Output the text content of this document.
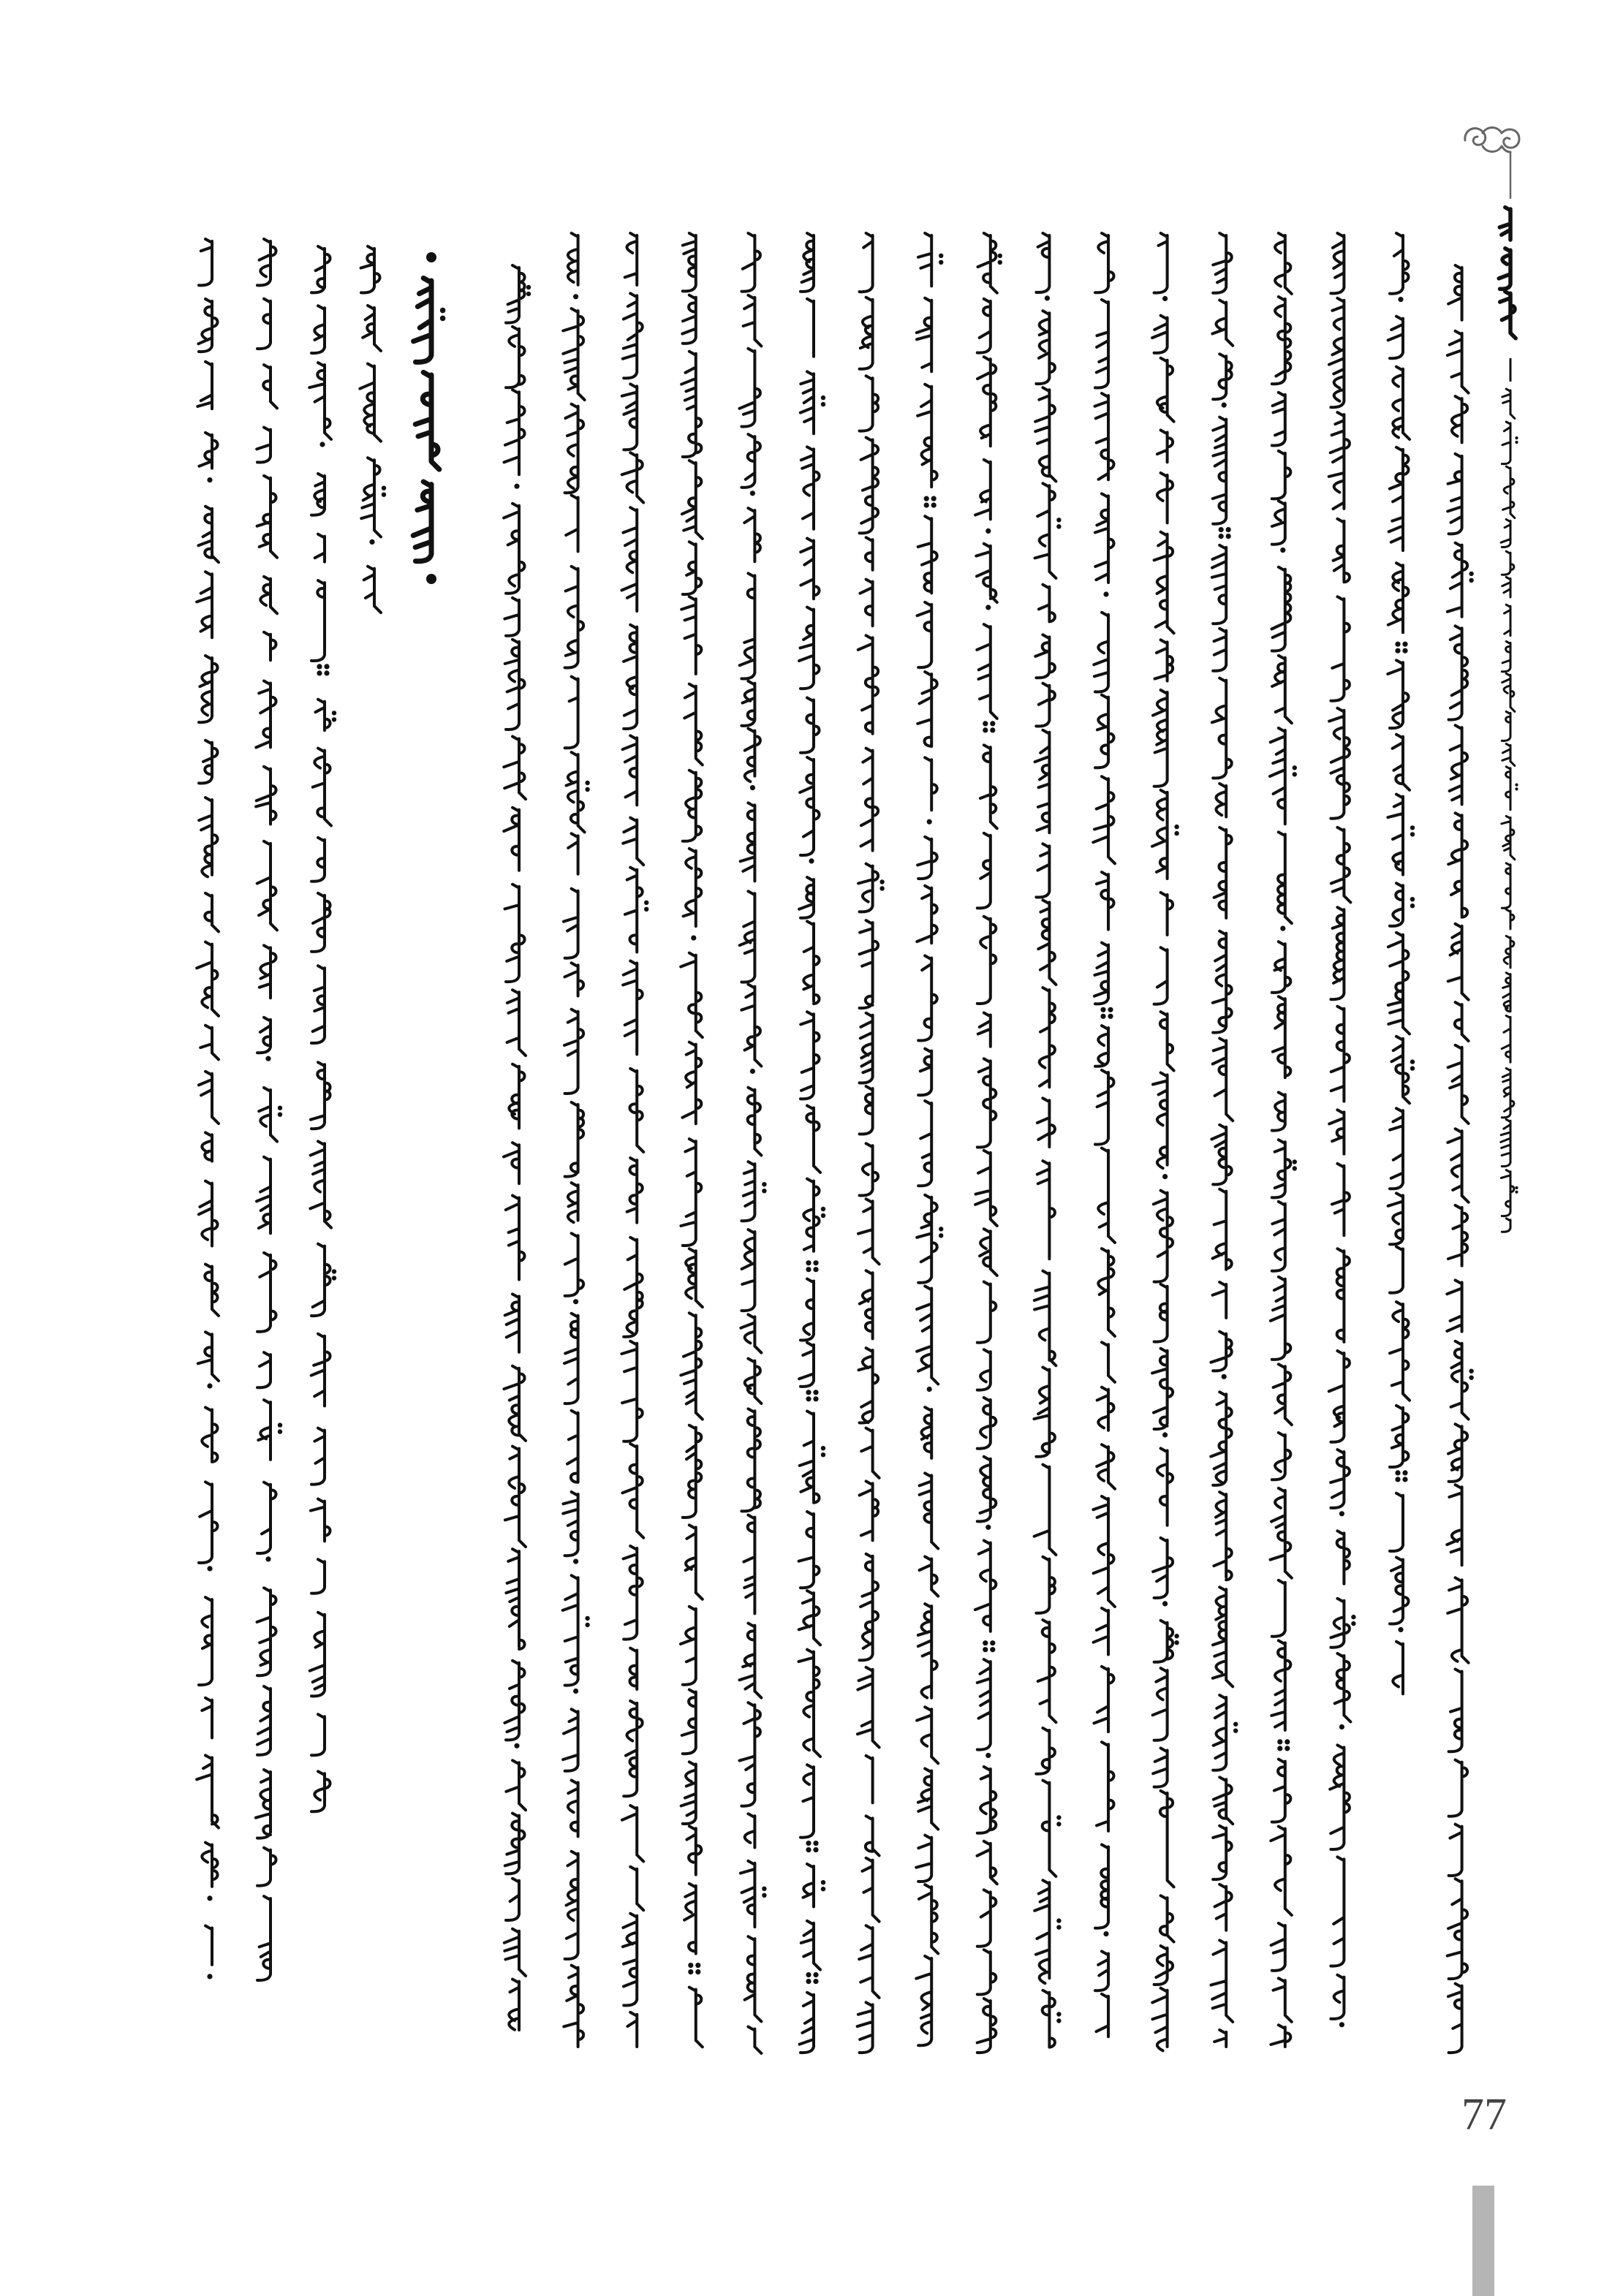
77
